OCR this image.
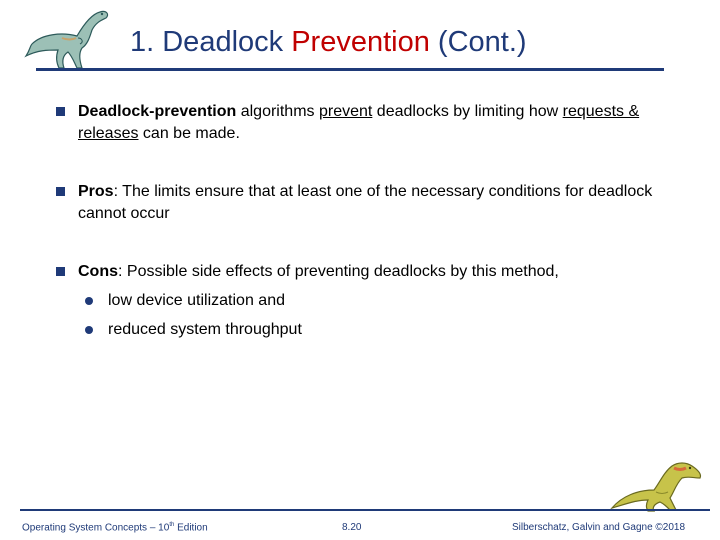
1. Deadlock Prevention (Cont.)
Deadlock-prevention algorithms prevent deadlocks by limiting how requests & releases can be made.
Pros: The limits ensure that at least one of the necessary conditions for deadlock cannot occur
Cons: Possible side effects of preventing deadlocks by this method,
low device utilization and
reduced system throughput
Operating System Concepts – 10th Edition	8.20	Silberschatz, Galvin and Gagne ©2018
